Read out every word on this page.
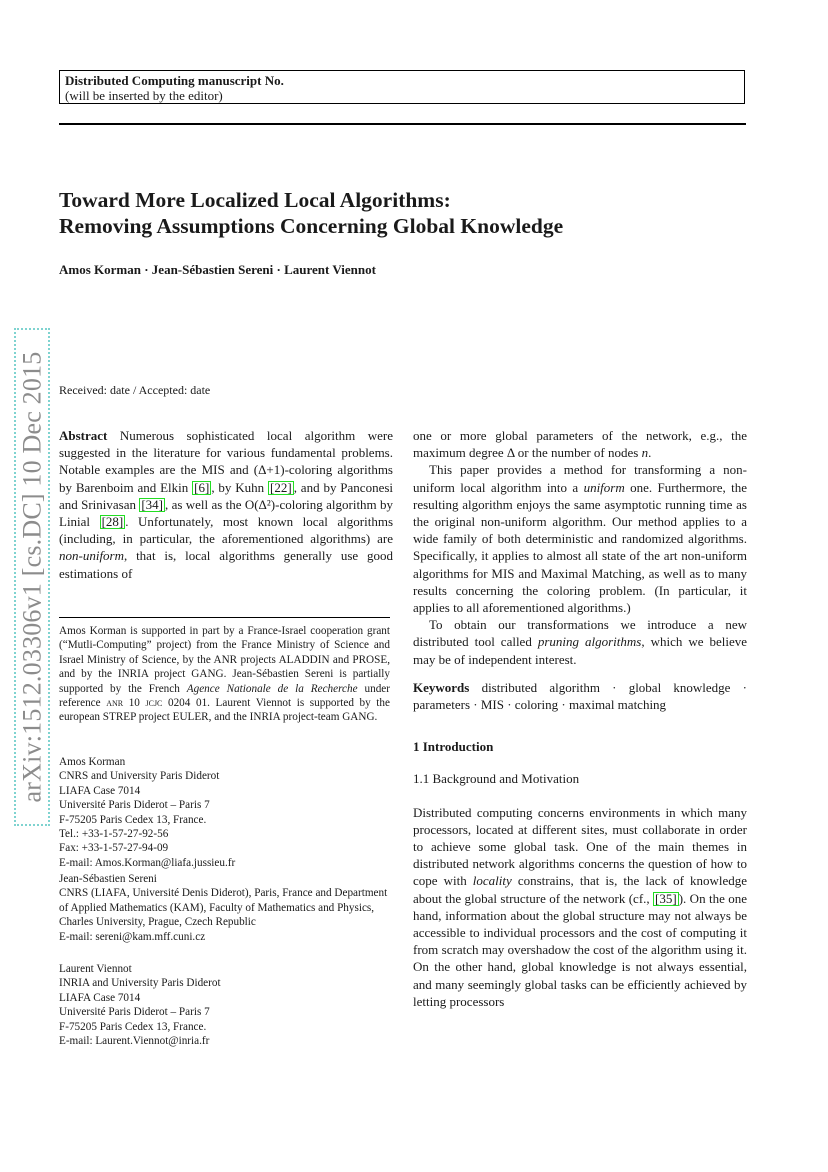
Distributed Computing manuscript No.
(will be inserted by the editor)
Toward More Localized Local Algorithms:
Removing Assumptions Concerning Global Knowledge
Amos Korman · Jean-Sébastien Sereni · Laurent Viennot
arXiv:1512.03306v1 [cs.DC] 10 Dec 2015 Received: date / Accepted: date

Abstract Numerous sophisticated local algorithm were suggested in the literature for various fundamental problems. Notable examples are the MIS and (Δ+1)-coloring algorithms by Barenboim and Elkin [6] , by Kuhn [22] , and by Panconesi and Srinivasan [34] , as well as the O(Δ²)-coloring algorithm by Linial [28] . Unfortunately, most known local algorithms (including, in particular, the aforementioned algorithms) are non-uniform, that is, local algorithms generally use good estimations of

Amos Korman is supported in part by a France-Israel cooperation grant (“Mutli-Computing” project) from the France Ministry of Science and Israel Ministry of Science, by the ANR projects ALADDIN and PROSE, and by the INRIA project GANG. Jean-Sébastien Sereni is partially supported by the French Agence Nationale de la Recherche under reference anr 10 jcjc 0204 01. Laurent Viennot is supported by the european STREP project EULER, and the INRIA project-team GANG.

Amos Korman

CNRS and University Paris Diderot

LIAFA Case 7014

Université Paris Diderot – Paris 7

F-75205 Paris Cedex 13, France.

Tel.: +33-1-57-27-92-56

Fax: +33-1-57-27-94-09

E-mail: Amos.Korman@liafa.jussieu.fr

Jean-Sébastien Sereni

CNRS (LIAFA, Université Denis Diderot), Paris, France and Department of Applied Mathematics (KAM), Faculty of Mathematics and Physics, Charles University, Prague, Czech Republic

E-mail: sereni@kam.mff.cuni.cz

Laurent Viennot

INRIA and University Paris Diderot

LIAFA Case 7014

Université Paris Diderot – Paris 7

F-75205 Paris Cedex 13, France.

E-mail: Laurent.Viennot@inria.fr

one or more global parameters of the network, e.g., the maximum degree Δ or the number of nodes n.

This paper provides a method for transforming a non-uniform local algorithm into a uniform one. Furthermore, the resulting algorithm enjoys the same asymptotic running time as the original non-uniform algorithm. Our method applies to a wide family of both deterministic and randomized algorithms. Specifically, it applies to almost all state of the art non-uniform algorithms for MIS and Maximal Matching, as well as to many results concerning the coloring problem. (In particular, it applies to all aforementioned algorithms.)

To obtain our transformations we introduce a new distributed tool called pruning algorithms, which we believe may be of independent interest.

Keywords distributed algorithm · global knowledge · parameters · MIS · coloring · maximal matching

1 Introduction

1.1 Background and Motivation

Distributed computing concerns environments in which many processors, located at different sites, must collaborate in order to achieve some global task. One of the main themes in distributed network algorithms concerns the question of how to cope with locality constrains, that is, the lack of knowledge about the global structure of the network (cf., [35] ). On the one hand, information about the global structure may not always be accessible to individual processors and the cost of computing it from scratch may overshadow the cost of the algorithm using it. On the other hand, global knowledge is not always essential, and many seemingly global tasks can be efficiently achieved by letting processors
